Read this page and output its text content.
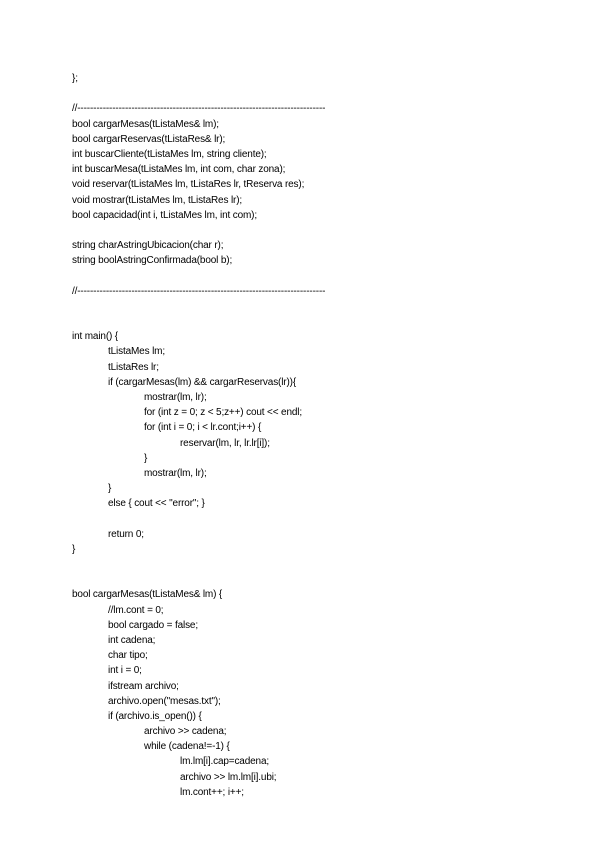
};
//------------------------------------------------------------------------------
bool cargarMesas(tListaMes& lm);
bool cargarReservas(tListaRes& lr);
int buscarCliente(tListaMes lm, string cliente);
int buscarMesa(tListaMes lm, int com, char zona);
void reservar(tListaMes lm, tListaRes lr, tReserva res);
void mostrar(tListaMes lm, tListaRes lr);
bool capacidad(int i, tListaMes lm, int com);
string charAstringUbicacion(char r);
string boolAstringConfirmada(bool b);
//------------------------------------------------------------------------------
int main() {
tListaMes lm;
tListaRes lr;
if (cargarMesas(lm) && cargarReservas(lr)){
mostrar(lm, lr);
for (int z = 0; z < 5;z++) cout << endl;
for (int i = 0; i < lr.cont;i++) {
reservar(lm, lr, lr.lr[i]);
}
mostrar(lm, lr);
}
else { cout << "error"; }
return 0;
}
bool cargarMesas(tListaMes& lm) {
//lm.cont = 0;
bool cargado = false;
int cadena;
char tipo;
int i = 0;
ifstream archivo;
archivo.open("mesas.txt");
if (archivo.is_open()) {
archivo >> cadena;
while (cadena!=-1) {
lm.lm[i].cap=cadena;
archivo >> lm.lm[i].ubi;
lm.cont++; i++;
